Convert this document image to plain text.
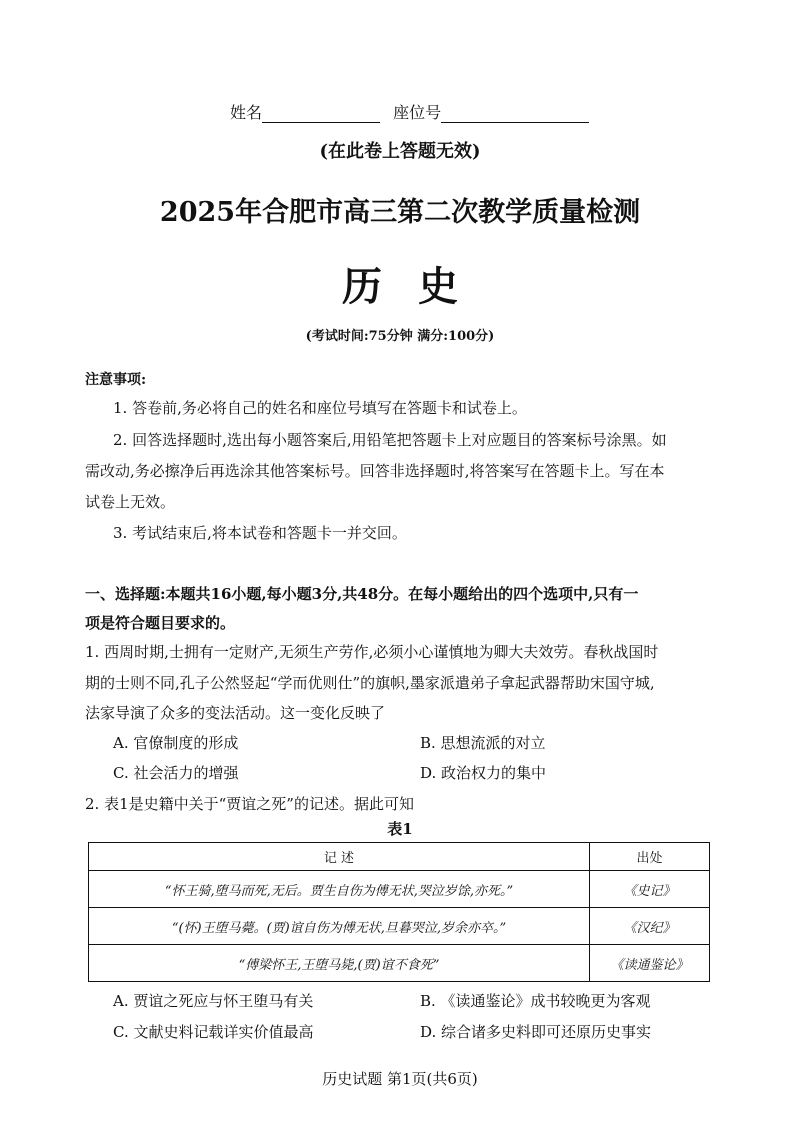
姓名	座位号
(在此卷上答题无效)
2025年合肥市高三第二次教学质量检测
历史
(考试时间:75分钟 满分:100分)
注意事项:
1. 答卷前,务必将自己的姓名和座位号填写在答题卡和试卷上。
2. 回答选择题时,选出每小题答案后,用铅笔把答题卡上对应题目的答案标号涂黑。如
需改动,务必擦净后再选涂其他答案标号。回答非选择题时,将答案写在答题卡上。写在本
试卷上无效。
3. 考试结束后,将本试卷和答题卡一并交回。
一、选择题:本题共16小题,每小题3分,共48分。在每小题给出的四个选项中,只有一
项是符合题目要求的。
1. 西周时期,士拥有一定财产,无须生产劳作,必须小心谨慎地为卿大夫效劳。春秋战国时
期的士则不同,孔子公然竖起“学而优则仕”的旗帜,墨家派遣弟子拿起武器帮助宋国守城,
法家导演了众多的变法活动。这一变化反映了
A. 官僚制度的形成	B. 思想流派的对立
C. 社会活力的增强	D. 政治权力的集中
2. 表1是史籍中关于“贾谊之死”的记述。据此可知
表1
记 述	出处
“怀王骑,堕马而死,无后。贾生自伤为傅无状,哭泣岁馀,亦死。”	《史记》
“(怀)王堕马薨。(贾)谊自伤为傅无状,旦暮哭泣,岁余亦卒。”	《汉纪》
“傅梁怀王,王堕马毙,(贾)谊不食死”	《读通鉴论》
A. 贾谊之死应与怀王堕马有关	B. 《读通鉴论》成书较晚更为客观
C. 文献史料记载详实价值最高	D. 综合诸多史料即可还原历史事实
历史试题 第1页(共6页)
